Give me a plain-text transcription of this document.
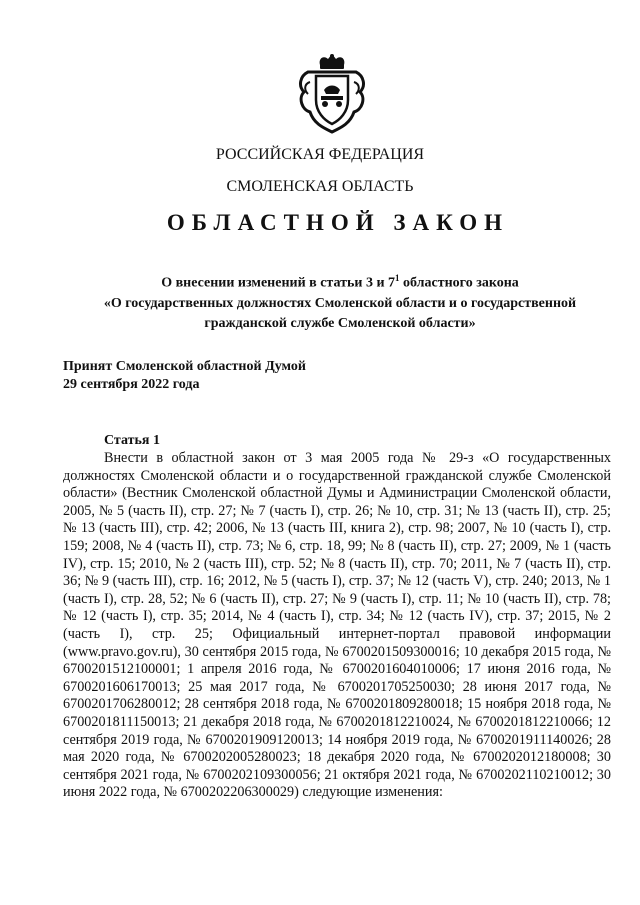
РОССИЙСКАЯ ФЕДЕРАЦИЯ
СМОЛЕНСКАЯ ОБЛАСТЬ
ОБЛАСТНОЙ ЗАКОН
О внесении изменений в статьи 3 и $7^1$ областного закона
«О государственных должностях Смоленской области и о государственной
гражданской службе Смоленской области»
Принят Смоленской областной Думой
29 сентября 2022 года
Статья 1
Внести в областной закон от 3 мая 2005 года № 29-з «О государственных должностях Смоленской области и о государственной гражданской службе Смоленской области» (Вестник Смоленской областной Думы и Администрации Смоленской области, 2005, № 5 (часть II), стр. 27; № 7 (часть I), стр. 26; № 10, стр. 31; № 13 (часть II), стр. 25; № 13 (часть III), стр. 42; 2006, № 13 (часть III, книга 2), стр. 98; 2007, № 10 (часть I), стр. 159; 2008, № 4 (часть II), стр. 73; № 6, стр. 18, 99; № 8 (часть II), стр. 27; 2009, № 1 (часть IV), стр. 15; 2010, № 2 (часть III), стр. 52; № 8 (часть II), стр. 70; 2011, № 7 (часть II), стр. 36; № 9 (часть III), стр. 16; 2012, № 5 (часть I), стр. 37; № 12 (часть V), стр. 240; 2013, № 1 (часть I), стр. 28, 52; № 6 (часть II), стр. 27; № 9 (часть I), стр. 11; № 10 (часть II), стр. 78; № 12 (часть I), стр. 35; 2014, № 4 (часть I), стр. 34; № 12 (часть IV), стр. 37; 2015, № 2 (часть I), стр. 25; Официальный интернет-портал правовой информации (www.pravo.gov.ru), 30 сентября 2015 года, № 6700201509300016; 10 декабря 2015 года, № 6700201512100001; 1 апреля 2016 года, № 6700201604010006; 17 июня 2016 года, № 6700201606170013; 25 мая 2017 года, № 6700201705250030; 28 июня 2017 года, № 6700201706280012; 28 сентября 2018 года, № 6700201809280018; 15 ноября 2018 года, № 6700201811150013; 21 декабря 2018 года, № 6700201812210024, № 6700201812210066; 12 сентября 2019 года, № 6700201909120013; 14 ноября 2019 года, № 6700201911140026; 28 мая 2020 года, № 6700202005280023; 18 декабря 2020 года, № 6700202012180008; 30 сентября 2021 года, № 6700202109300056; 21 октября 2021 года, № 6700202110210012; 30 июня 2022 года, № 6700202206300029) следующие изменения:
